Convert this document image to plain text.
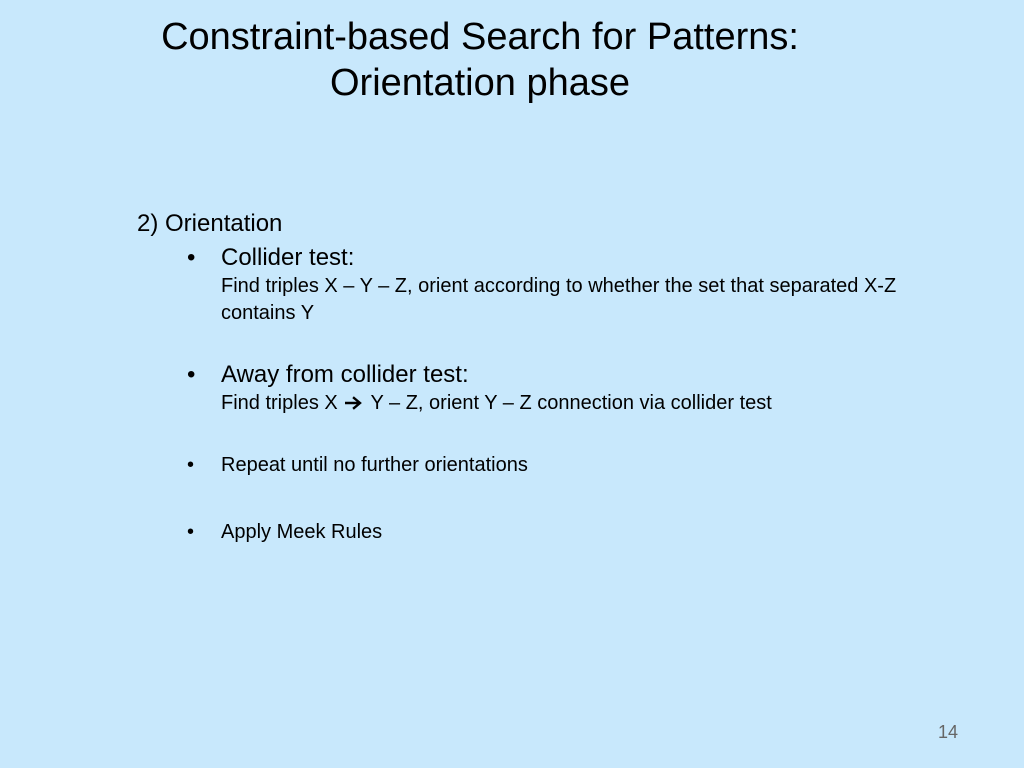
Constraint-based Search for Patterns:
Orientation phase

2) Orientation

• Collider test:
Find triples X – Y – Z, orient according to whether the set that separated X-Z contains Y
• Away from collider test:
Find triples X Y – Z, orient Y – Z connection via collider test
• Repeat until no further orientations
• Apply Meek Rules
14
